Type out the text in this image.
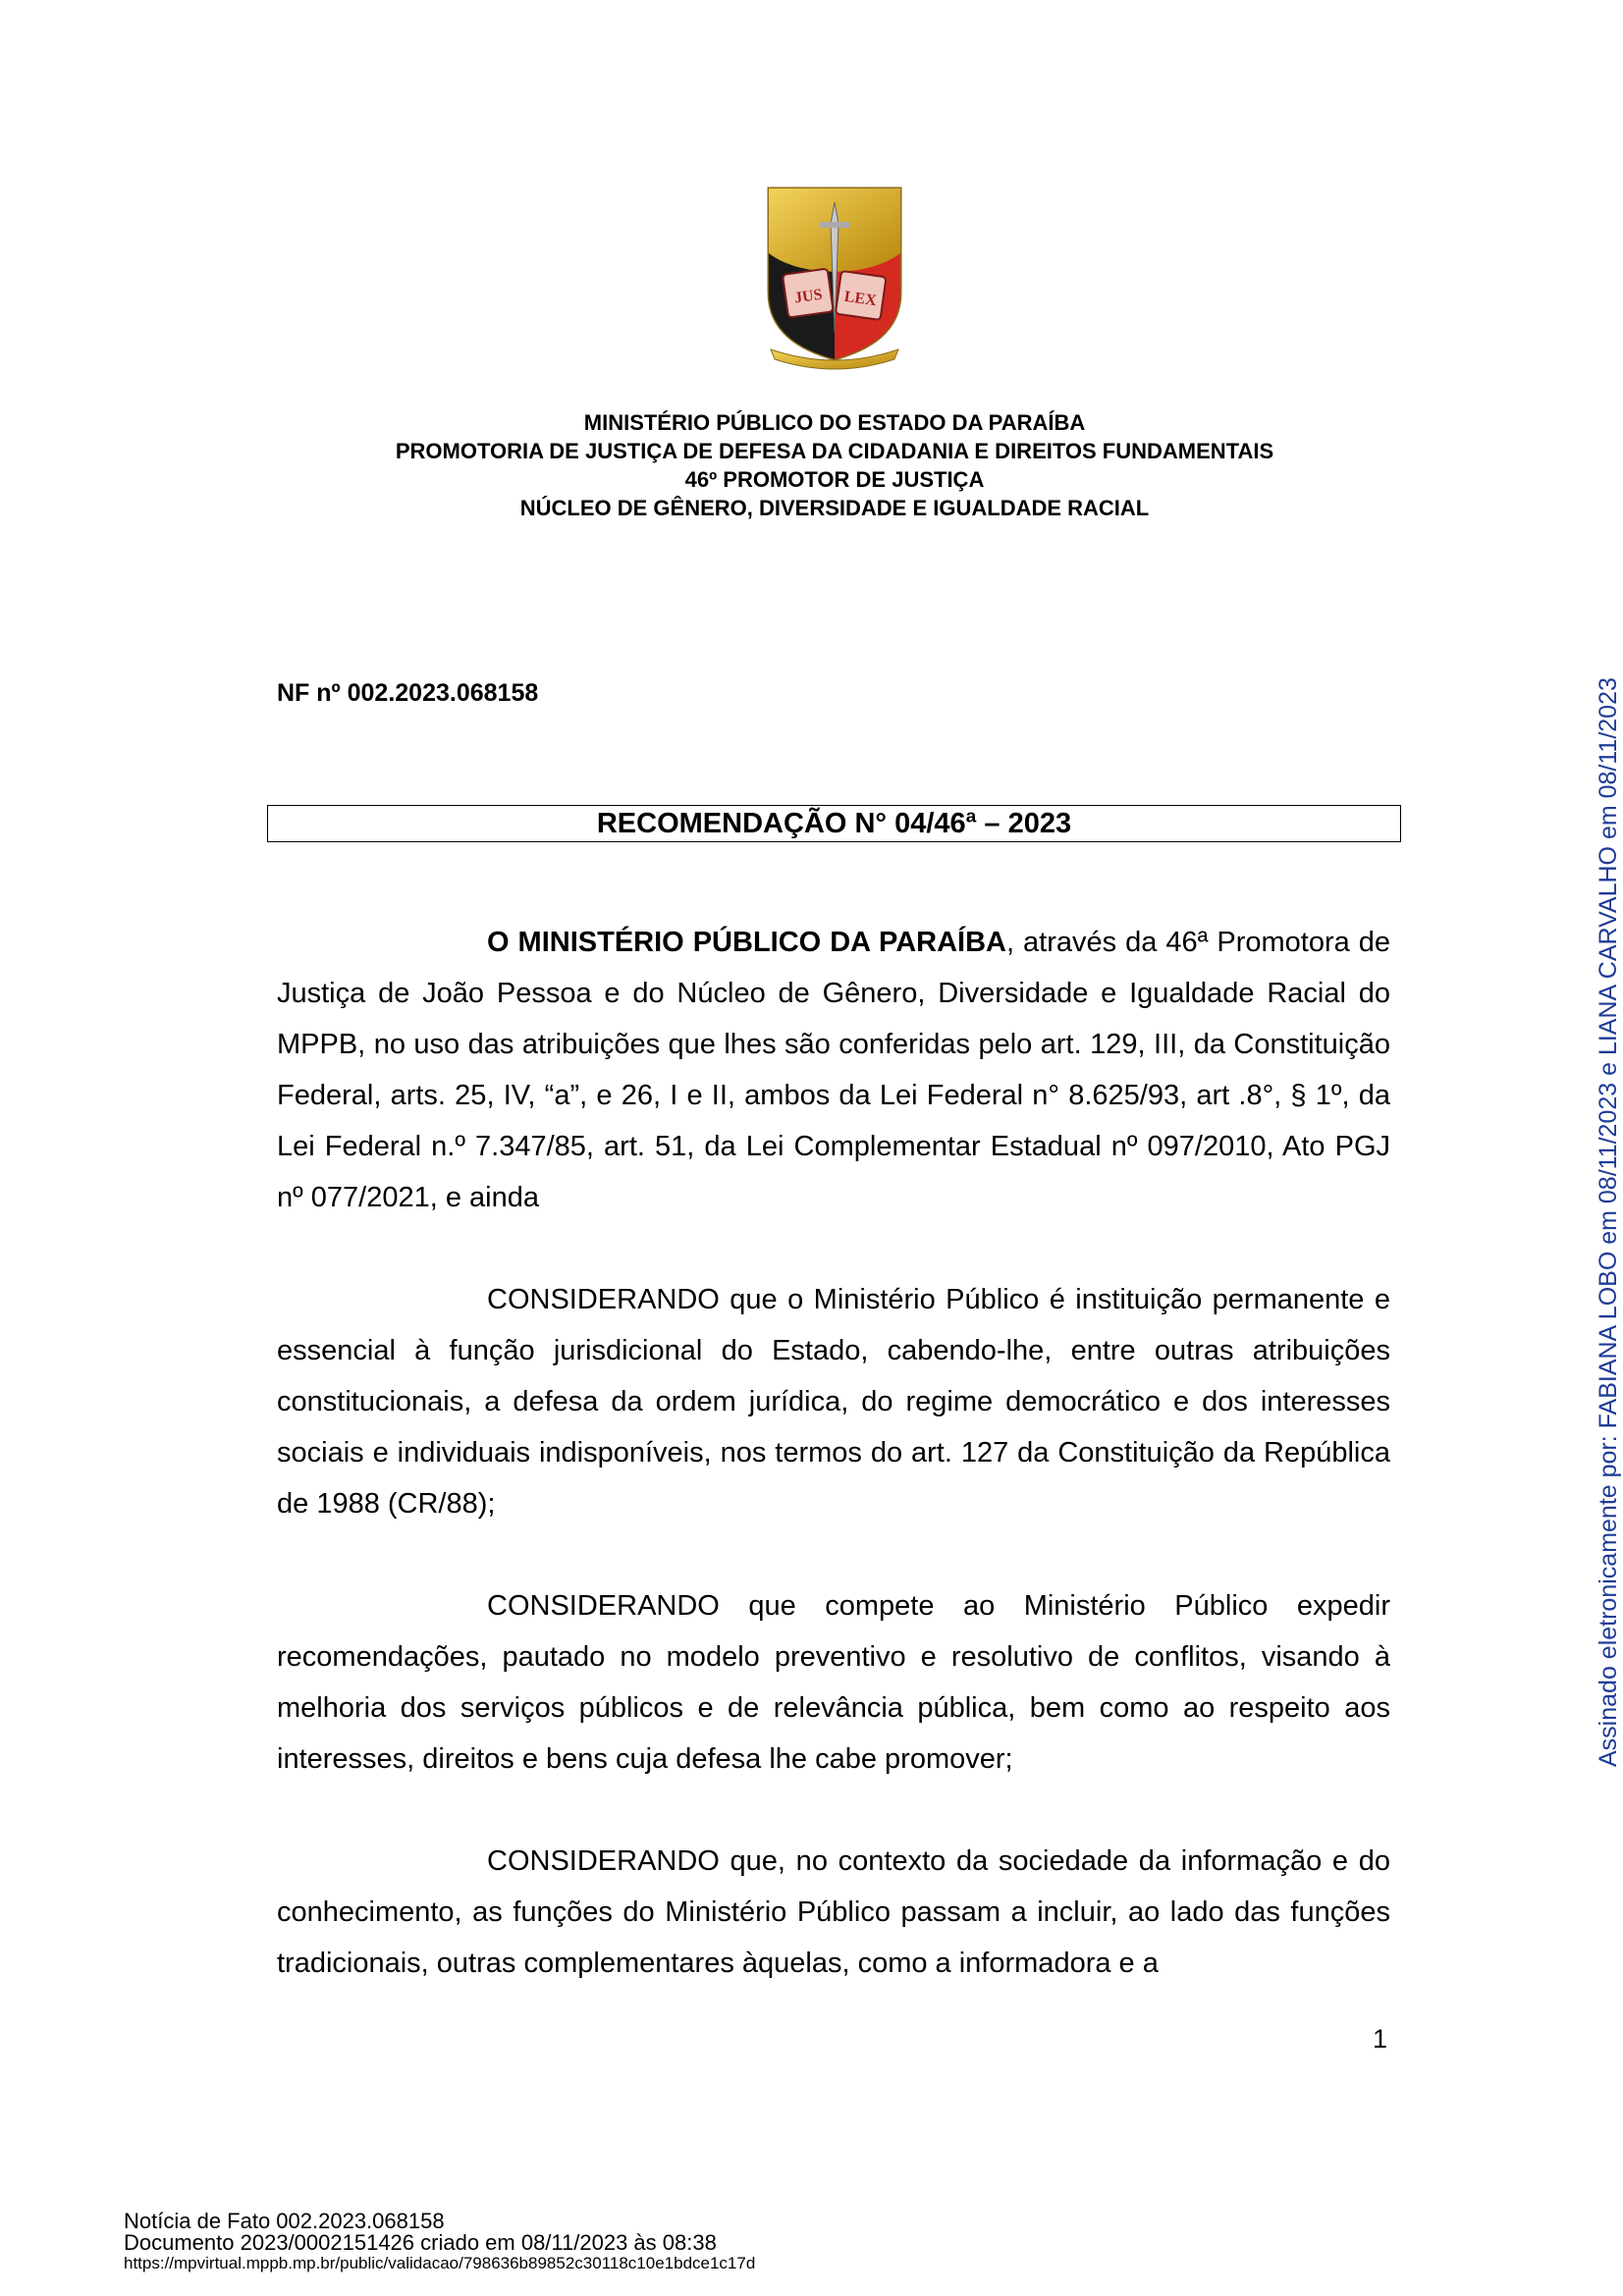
JUS LEX
MINISTÉRIO PÚBLICO DO ESTADO DA PARAÍBA
PROMOTORIA DE JUSTIÇA DE DEFESA DA CIDADANIA E DIREITOS FUNDAMENTAIS
46º PROMOTOR DE JUSTIÇA
NÚCLEO DE GÊNERO, DIVERSIDADE E IGUALDADE RACIAL
NF nº 002.2023.068158
RECOMENDAÇÃO N° 04/46ª – 2023

O MINISTÉRIO PÚBLICO DA PARAÍBA, através da 46ª Promotora de Justiça de João Pessoa e do Núcleo de Gênero, Diversidade e Igualdade Racial do MPPB, no uso das atribuições que lhes são conferidas pelo art. 129, III, da Constituição Federal, arts. 25, IV, “a”, e 26, I e II, ambos da Lei Federal n° 8.625/93, art .8°, § 1º, da Lei Federal n.º 7.347/85, art. 51, da Lei Complementar Estadual nº 097/2010, Ato PGJ nº 077/2021, e ainda

CONSIDERANDO que o Ministério Público é instituição permanente e essencial à função jurisdicional do Estado, cabendo-lhe, entre outras atribuições constitucionais, a defesa da ordem jurídica, do regime democrático e dos interesses sociais e individuais indisponíveis, nos termos do art. 127 da Constituição da República de 1988 (CR/88);

CONSIDERANDO que compete ao Ministério Público expedir recomendações, pautado no modelo preventivo e resolutivo de conflitos, visando à melhoria dos serviços públicos e de relevância pública, bem como ao respeito aos interesses, direitos e bens cuja defesa lhe cabe promover;

CONSIDERANDO que, no contexto da sociedade da informação e do conhecimento, as funções do Ministério Público passam a incluir, ao lado das funções tradicionais, outras complementares àquelas, como a informadora e a

1
Notícia de Fato 002.2023.068158
Documento 2023/0002151426 criado em 08/11/2023 às 08:38
https://mpvirtual.mppb.mp.br/public/validacao/798636b89852c30118c10e1bdce1c17d
Assinado eletronicamente por: FABIANA LOBO em 08/11/2023 e LIANA CARVALHO em 08/11/2023
